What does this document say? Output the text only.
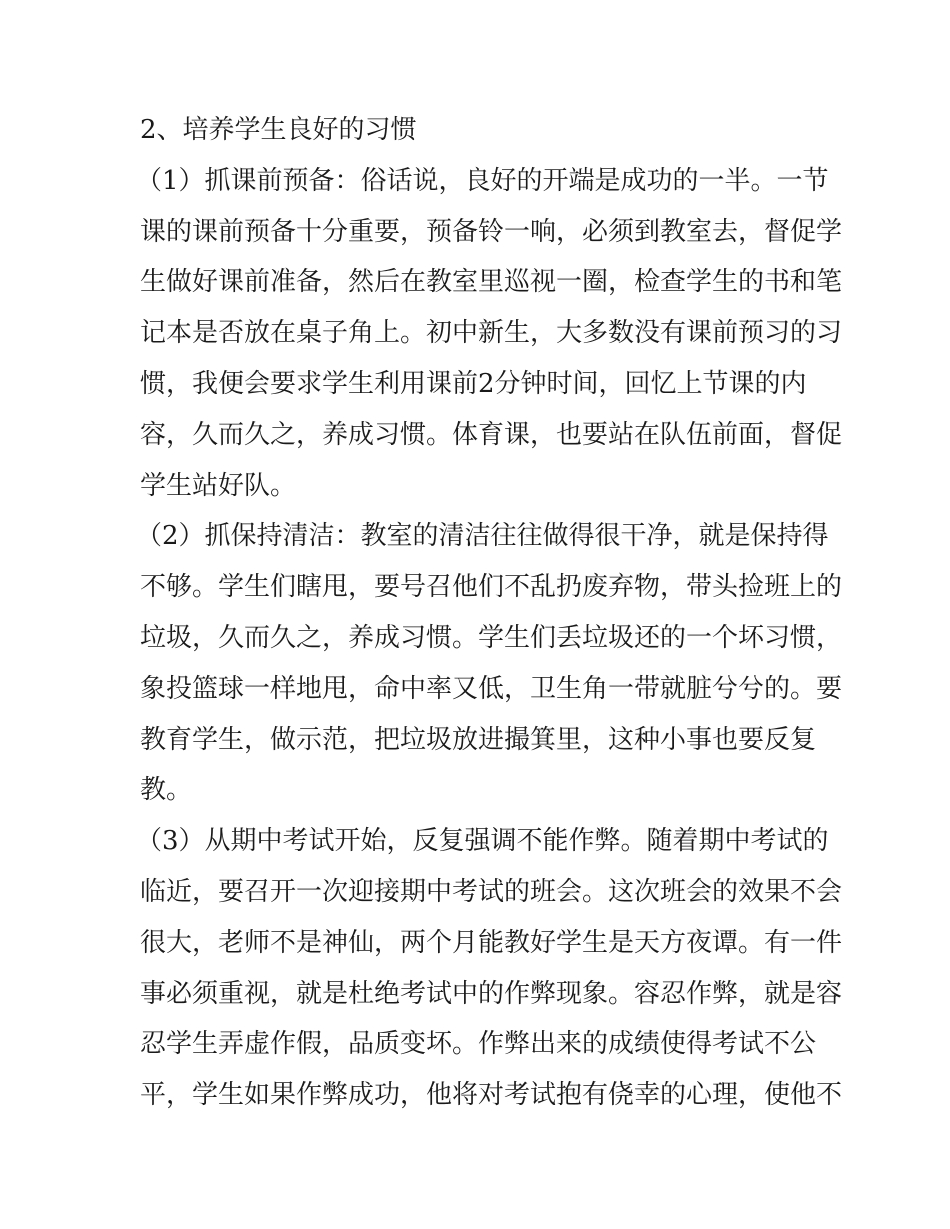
2、培养学生良好的习惯
（1）抓课前预备：俗话说，良好的开端是成功的一半。一节
课的课前预备十分重要，预备铃一响，必须到教室去，督促学
生做好课前准备，然后在教室里巡视一圈，检查学生的书和笔
记本是否放在桌子角上。初中新生，大多数没有课前预习的习
惯，我便会要求学生利用课前2分钟时间，回忆上节课的内
容，久而久之，养成习惯。体育课，也要站在队伍前面，督促
学生站好队。
（2）抓保持清洁：教室的清洁往往做得很干净，就是保持得
不够。学生们瞎甩，要号召他们不乱扔废弃物，带头捡班上的
垃圾，久而久之，养成习惯。学生们丢垃圾还的一个坏习惯，
象投篮球一样地甩，命中率又低，卫生角一带就脏兮兮的。要
教育学生，做示范，把垃圾放进撮箕里，这种小事也要反复
教。
（3）从期中考试开始，反复强调不能作弊。随着期中考试的
临近，要召开一次迎接期中考试的班会。这次班会的效果不会
很大，老师不是神仙，两个月能教好学生是天方夜谭。有一件
事必须重视，就是杜绝考试中的作弊现象。容忍作弊，就是容
忍学生弄虚作假，品质变坏。作弊出来的成绩使得考试不公
平，学生如果作弊成功，他将对考试抱有侥幸的心理，使他不
